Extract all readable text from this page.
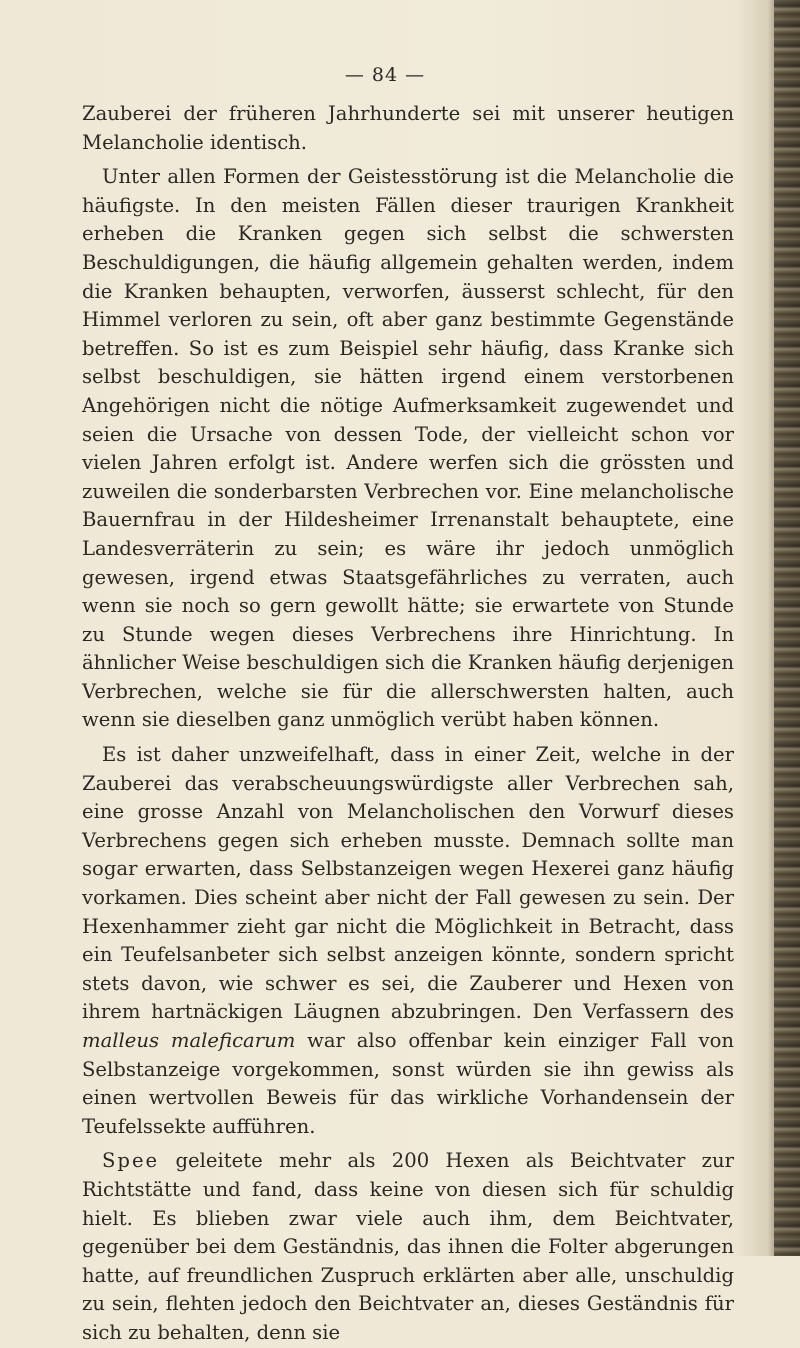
— 84 —

Zauberei der früheren Jahrhunderte sei mit unserer heutigen Melancholie identisch.

Unter allen Formen der Geistesstörung ist die Melancholie die häufigste. In den meisten Fällen dieser traurigen Krankheit erheben die Kranken gegen sich selbst die schwersten Beschuldigungen, die häufig allgemein gehalten werden, indem die Kranken behaupten, verworfen, äusserst schlecht, für den Himmel verloren zu sein, oft aber ganz bestimmte Gegenstände betreffen. So ist es zum Beispiel sehr häufig, dass Kranke sich selbst beschuldigen, sie hätten irgend einem verstorbenen Angehörigen nicht die nötige Aufmerksamkeit zugewendet und seien die Ursache von dessen Tode, der vielleicht schon vor vielen Jahren erfolgt ist. Andere werfen sich die grössten und zuweilen die sonderbarsten Verbrechen vor. Eine melancholische Bauernfrau in der Hildesheimer Irrenanstalt behauptete, eine Landesverräterin zu sein; es wäre ihr jedoch unmöglich gewesen, irgend etwas Staatsgefährliches zu verraten, auch wenn sie noch so gern gewollt hätte; sie erwartete von Stunde zu Stunde wegen dieses Verbrechens ihre Hinrichtung. In ähnlicher Weise beschuldigen sich die Kranken häufig derjenigen Verbrechen, welche sie für die allerschwersten halten, auch wenn sie dieselben ganz unmöglich verübt haben können.

Es ist daher unzweifelhaft, dass in einer Zeit, welche in der Zauberei das verabscheuungswürdigste aller Verbrechen sah, eine grosse Anzahl von Melancholischen den Vorwurf dieses Verbrechens gegen sich erheben musste. Demnach sollte man sogar erwarten, dass Selbstanzeigen wegen Hexerei ganz häufig vorkamen. Dies scheint aber nicht der Fall gewesen zu sein. Der Hexenhammer zieht gar nicht die Möglichkeit in Betracht, dass ein Teufelsanbeter sich selbst anzeigen könnte, sondern spricht stets davon, wie schwer es sei, die Zauberer und Hexen von ihrem hartnäckigen Läugnen abzubringen. Den Verfassern des malleus maleficarum war also offenbar kein einziger Fall von Selbstanzeige vorgekommen, sonst würden sie ihn gewiss als einen wertvollen Beweis für das wirkliche Vorhandensein der Teufelssekte aufführen.

Spee geleitete mehr als 200 Hexen als Beichtvater zur Richtstätte und fand, dass keine von diesen sich für schuldig hielt. Es blieben zwar viele auch ihm, dem Beichtvater, gegenüber bei dem Geständnis, das ihnen die Folter abgerungen hatte, auf freundlichen Zuspruch erklärten aber alle, unschuldig zu sein, flehten jedoch den Beichtvater an, dieses Geständnis für sich zu behalten, denn sie
